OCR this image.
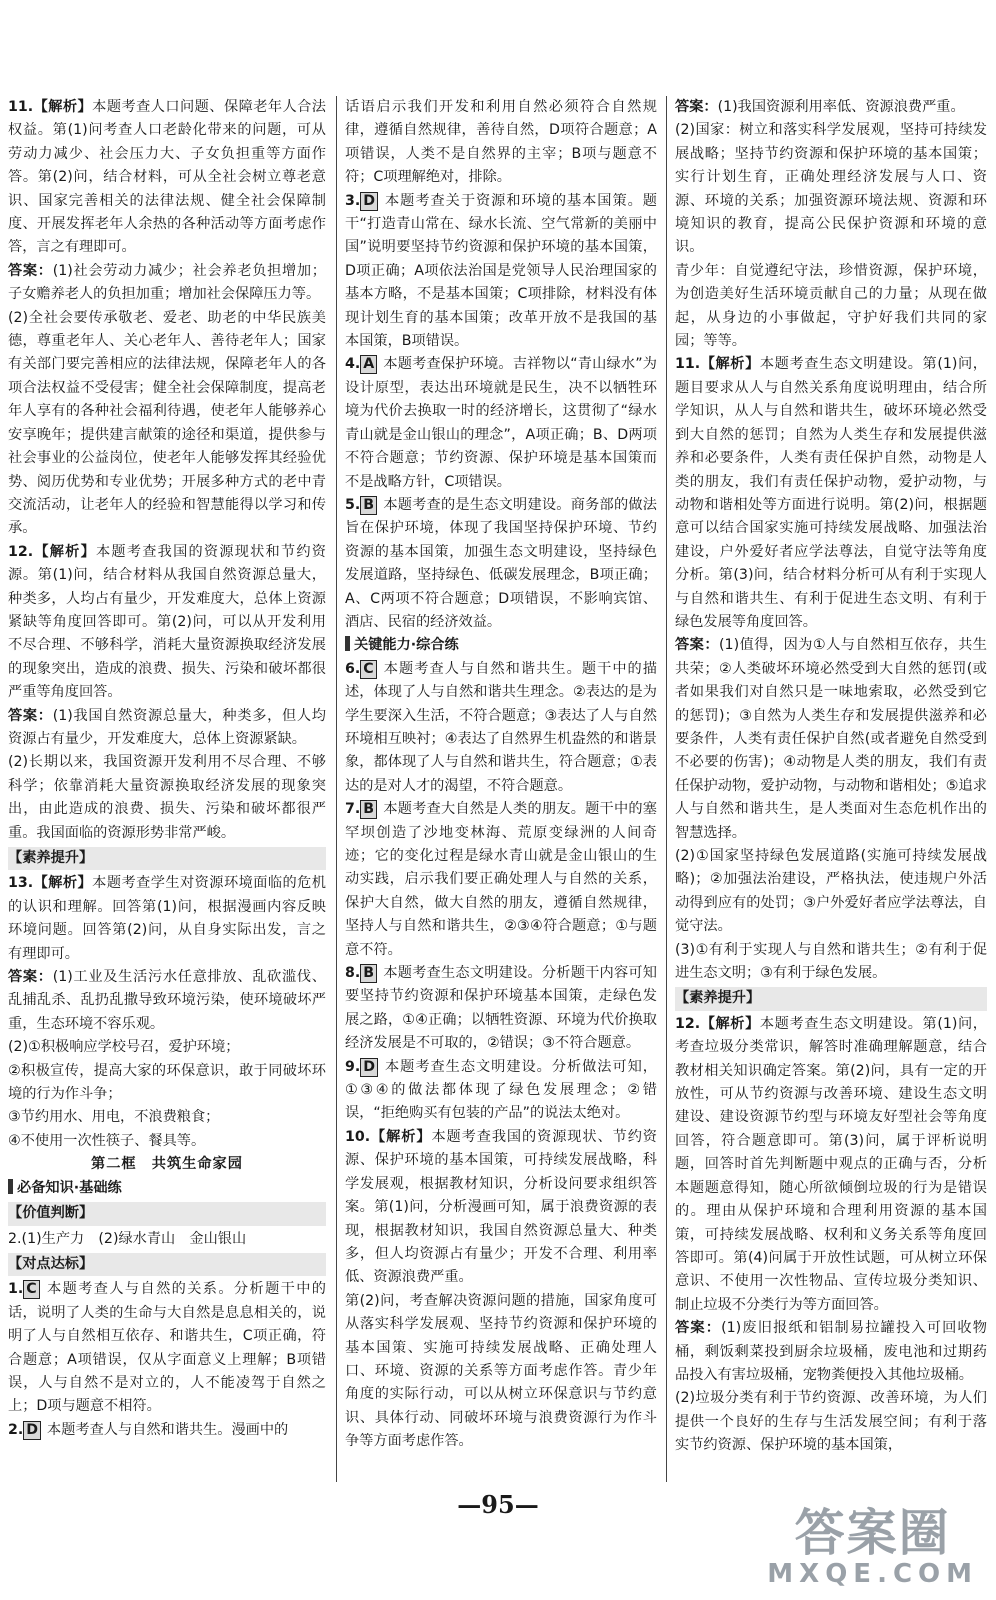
11.【解析】本题考查人口问题、保障老年人合法权益。第(1)问考查人口老龄化带来的问题，可从劳动力减少、社会压力大、子女负担重等方面作答。第(2)问，结合材料，可从全社会树立尊老意识、国家完善相关的法律法规、健全社会保障制度、开展发挥老年人余热的各种活动等方面考虑作答，言之有理即可。
答案：(1)社会劳动力减少；社会养老负担增加；子女赡养老人的负担加重；增加社会保障压力等。
(2)全社会要传承敬老、爱老、助老的中华民族美德，尊重老年人、关心老年人、善待老年人；国家有关部门要完善相应的法律法规，保障老年人的各项合法权益不受侵害；健全社会保障制度，提高老年人享有的各种社会福利待遇，使老年人能够养心安享晚年；提供建言献策的途径和渠道，提供参与社会事业的公益岗位，使老年人能够发挥其经验优势、阅历优势和专业优势；开展多种方式的老中青交流活动，让老年人的经验和智慧能得以学习和传承。
12.【解析】本题考查我国的资源现状和节约资源。第(1)问，结合材料从我国自然资源总量大，种类多，人均占有量少，开发难度大，总体上资源紧缺等角度回答即可。第(2)问，可以从开发利用不尽合理、不够科学，消耗大量资源换取经济发展的现象突出，造成的浪费、损失、污染和破坏都很严重等角度回答。
答案：(1)我国自然资源总量大，种类多，但人均资源占有量少，开发难度大，总体上资源紧缺。
(2)长期以来，我国资源开发利用不尽合理、不够科学；依靠消耗大量资源换取经济发展的现象突出，由此造成的浪费、损失、污染和破坏都很严重。我国面临的资源形势非常严峻。
【素养提升】
13.【解析】本题考查学生对资源环境面临的危机的认识和理解。回答第(1)问，根据漫画内容反映环境问题。回答第(2)问，从自身实际出发，言之有理即可。
答案：(1)工业及生活污水任意排放、乱砍滥伐、乱捕乱杀、乱扔乱撒导致环境污染，使环境破坏严重，生态环境不容乐观。
(2)①积极响应学校号召，爱护环境；
②积极宣传，提高大家的环保意识，敢于同破坏环境的行为作斗争；
③节约用水、用电，不浪费粮食；
④不使用一次性筷子、餐具等。
第二框　共筑生命家园
必备知识·基础练
【价值判断】
2.(1)生产力　(2)绿水青山　金山银山
【对点达标】
1. C 本题考查人与自然的关系。分析题干中的话，说明了人类的生命与大自然是息息相关的，说明了人与自然相互依存、和谐共生，C项正确，符合题意；A项错误，仅从字面意义上理解；B项错误，人与自然不是对立的，人不能凌驾于自然之上；D项与题意不相符。
2. D 本题考查人与自然和谐共生。漫画中的
话语启示我们开发和利用自然必须符合自然规律，遵循自然规律，善待自然，D项符合题意；A项错误，人类不是自然界的主宰；B项与题意不符；C项理解绝对，排除。
3. D 本题考查关于资源和环境的基本国策。题干“打造青山常在、绿水长流、空气常新的美丽中国”说明要坚持节约资源和保护环境的基本国策，D项正确；A项依法治国是党领导人民治理国家的基本方略，不是基本国策；C项排除，材料没有体现计划生育的基本国策；改革开放不是我国的基本国策，B项错误。
4. A 本题考查保护环境。吉祥物以“青山绿水”为设计原型，表达出环境就是民生，决不以牺牲环境为代价去换取一时的经济增长，这贯彻了“绿水青山就是金山银山的理念”，A项正确；B、D两项不符合题意；节约资源、保护环境是基本国策而不是战略方针，C项错误。
5. B 本题考查的是生态文明建设。商务部的做法旨在保护环境，体现了我国坚持保护环境、节约资源的基本国策，加强生态文明建设，坚持绿色发展道路，坚持绿色、低碳发展理念，B项正确；A、C两项不符合题意；D项错误，不影响宾馆、酒店、民宿的经济效益。
关键能力·综合练
6. C 本题考查人与自然和谐共生。题干中的描述，体现了人与自然和谐共生理念。②表达的是为学生要深入生活，不符合题意；③表达了人与自然环境相互映衬；④表达了自然界生机盎然的和谐景象，都体现了人与自然和谐共生，符合题意；①表达的是对人才的渴望，不符合题意。
7. B 本题考查大自然是人类的朋友。题干中的塞罕坝创造了沙地变林海、荒原变绿洲的人间奇迹；它的变化过程是绿水青山就是金山银山的生动实践，启示我们要正确处理人与自然的关系，保护大自然，做大自然的朋友，遵循自然规律，坚持人与自然和谐共生，②③④符合题意；①与题意不符。
8. B 本题考查生态文明建设。分析题干内容可知要坚持节约资源和保护环境基本国策，走绿色发展之路，①④正确；以牺牲资源、环境为代价换取经济发展是不可取的，②错误；③不符合题意。
9. D 本题考查生态文明建设。分析做法可知，①③④的做法都体现了绿色发展理念；②错误，“拒绝购买有包装的产品”的说法太绝对。
10.【解析】本题考查我国的资源现状、节约资源、保护环境的基本国策，可持续发展战略，科学发展观，根据教材知识，分析设问要求组织答案。第(1)问，分析漫画可知，属于浪费资源的表现，根据教材知识，我国自然资源总量大、种类多，但人均资源占有量少；开发不合理、利用率低、资源浪费严重。
第(2)问，考查解决资源问题的措施，国家角度可从落实科学发展观、坚持节约资源和保护环境的基本国策、实施可持续发展战略、正确处理人口、环境、资源的关系等方面考虑作答。青少年角度的实际行动，可以从树立环保意识与节约意识、具体行动、同破坏环境与浪费资源行为作斗争等方面考虑作答。
答案：(1)我国资源利用率低、资源浪费严重。
(2)国家：树立和落实科学发展观，坚持可持续发展战略；坚持节约资源和保护环境的基本国策；实行计划生育，正确处理经济发展与人口、资源、环境的关系；加强资源环境法规、资源和环境知识的教育，提高公民保护资源和环境的意识。
青少年：自觉遵纪守法，珍惜资源，保护环境，为创造美好生活环境贡献自己的力量；从现在做起，从身边的小事做起，守护好我们共同的家园；等等。
11.【解析】本题考查生态文明建设。第(1)问，题目要求从人与自然关系角度说明理由，结合所学知识，从人与自然和谐共生，破坏环境必然受到大自然的惩罚；自然为人类生存和发展提供滋养和必要条件，人类有责任保护自然，动物是人类的朋友，我们有责任保护动物，爱护动物，与动物和谐相处等方面进行说明。第(2)问，根据题意可以结合国家实施可持续发展战略、加强法治建设，户外爱好者应学法尊法，自觉守法等角度分析。第(3)问，结合材料分析可从有利于实现人与自然和谐共生、有利于促进生态文明、有利于绿色发展等角度回答。
答案：(1)值得，因为①人与自然相互依存，共生共荣；②人类破坏环境必然受到大自然的惩罚(或者如果我们对自然只是一味地索取，必然受到它的惩罚)；③自然为人类生存和发展提供滋养和必要条件，人类有责任保护自然(或者避免自然受到不必要的伤害)；④动物是人类的朋友，我们有责任保护动物，爱护动物，与动物和谐相处；⑤追求人与自然和谐共生，是人类面对生态危机作出的智慧选择。
(2)①国家坚持绿色发展道路(实施可持续发展战略)；②加强法治建设，严格执法，使违规户外活动得到应有的处罚；③户外爱好者应学法尊法，自觉守法。
(3)①有利于实现人与自然和谐共生；②有利于促进生态文明；③有利于绿色发展。
【素养提升】
12.【解析】本题考查生态文明建设。第(1)问，考查垃圾分类常识，解答时准确理解题意，结合教材相关知识确定答案。第(2)问，具有一定的开放性，可从节约资源与改善环境、建设生态文明建设、建设资源节约型与环境友好型社会等角度回答，符合题意即可。第(3)问，属于评析说明题，回答时首先判断题中观点的正确与否，分析本题题意得知，随心所欲倾倒垃圾的行为是错误的。理由从保护环境和合理利用资源的基本国策，可持续发展战略、权利和义务关系等角度回答即可。第(4)问属于开放性试题，可从树立环保意识、不使用一次性物品、宣传垃圾分类知识、制止垃圾不分类行为等方面回答。
答案：(1)废旧报纸和铝制易拉罐投入可回收物桶，剩饭剩菜投到厨余垃圾桶，废电池和过期药品投入有害垃圾桶，宠物粪便投入其他垃圾桶。
(2)垃圾分类有利于节约资源、改善环境，为人们提供一个良好的生存与生活发展空间；有利于落实节约资源、保护环境的基本国策，
—95—	答案圈
MXQE.COM
